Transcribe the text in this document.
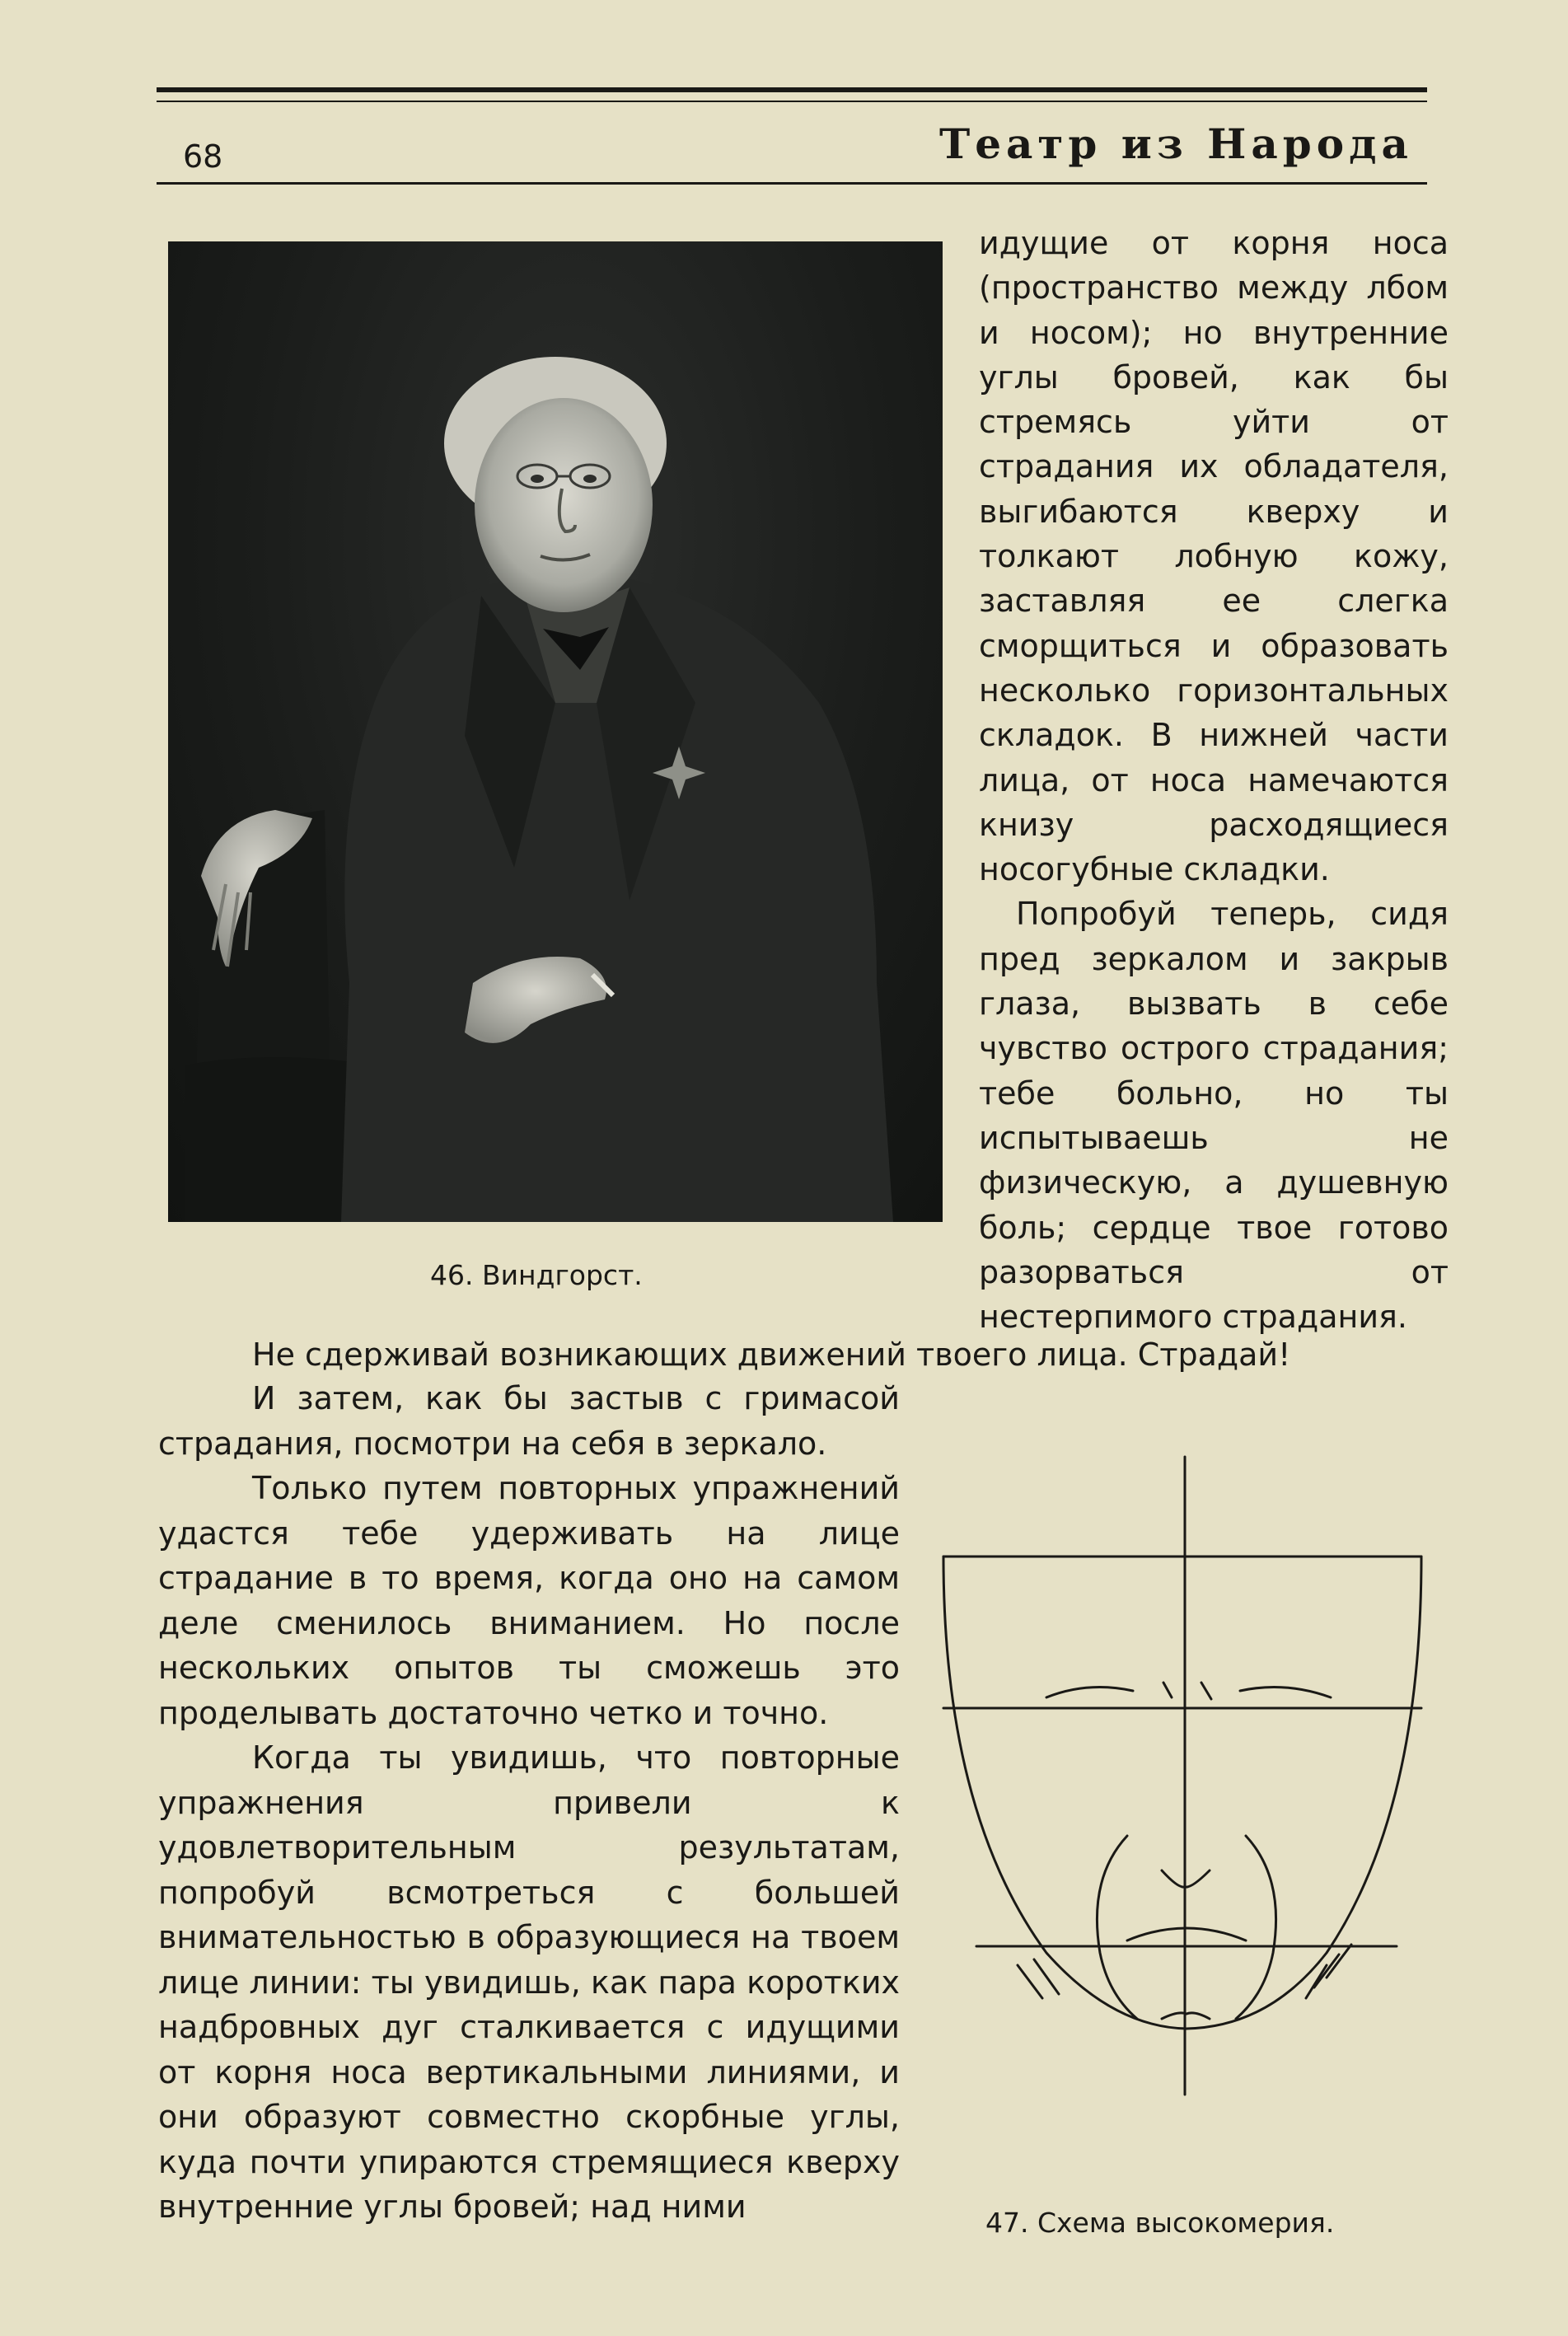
68	Театр из Народа
46. Виндгорст.

идущие от корня носа (пространство между лбом и носом); но внутренние углы бровей, как бы стремясь уйти от страдания их обладателя, выгибаются кверху и толкают лобную кожу, заставляя ее слегка сморщиться и образовать несколько горизонтальных складок. В нижней части лица, от носа намечаются книзу расходящиеся носогубные складки.

Попробуй теперь, сидя пред зеркалом и закрыв глаза, вызвать в себе чувство острого страдания; тебе больно, но ты испытываешь не физическую, а душевную боль; сердце твое готово разорваться от нестерпимого страдания.

Не сдерживай возникающих движений твоего лица. Страдай!

И затем, как бы застыв с гримасой страдания, посмотри на себя в зеркало.

Только путем повторных упражнений удастся тебе удерживать на лице страдание в то время, когда оно на самом деле сменилось вниманием. Но после нескольких опытов ты сможешь это проделывать достаточно четко и точно.

Когда ты увидишь, что повторные упражнения привели к удовлетворительным результатам, попробуй всмотреться с большей внимательностью в образующиеся на твоем лице линии: ты увидишь, как пара коротких надбровных дуг сталкивается с идущими от корня носа вертикальными линиями, и они образуют совместно скорбные углы, куда почти упираются стремящиеся кверху внутренние углы бровей; над ними	47. Схема высокомерия.
